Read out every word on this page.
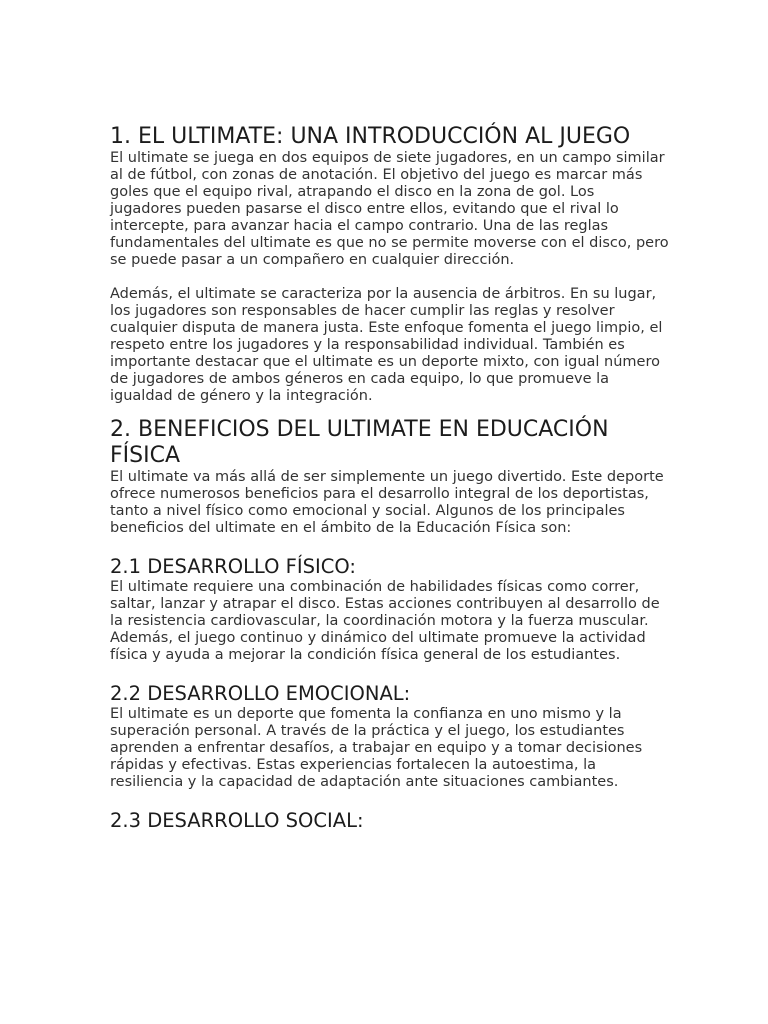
1. EL ULTIMATE: UNA INTRODUCCIÓN AL JUEGO

El ultimate se juega en dos equipos de siete jugadores, en un campo similar al de fútbol, con zonas de anotación. El objetivo del juego es marcar más goles que el equipo rival, atrapando el disco en la zona de gol. Los jugadores pueden pasarse el disco entre ellos, evitando que el rival lo intercepte, para avanzar hacia el campo contrario. Una de las reglas fundamentales del ultimate es que no se permite moverse con el disco, pero se puede pasar a un compañero en cualquier dirección.

Además, el ultimate se caracteriza por la ausencia de árbitros. En su lugar, los jugadores son responsables de hacer cumplir las reglas y resolver cualquier disputa de manera justa. Este enfoque fomenta el juego limpio, el respeto entre los jugadores y la responsabilidad individual. También es importante destacar que el ultimate es un deporte mixto, con igual número de jugadores de ambos géneros en cada equipo, lo que promueve la igualdad de género y la integración.

2. BENEFICIOS DEL ULTIMATE EN EDUCACIÓN FÍSICA

El ultimate va más allá de ser simplemente un juego divertido. Este deporte ofrece numerosos beneficios para el desarrollo integral de los deportistas, tanto a nivel físico como emocional y social. Algunos de los principales beneficios del ultimate en el ámbito de la Educación Física son:

2.1 DESARROLLO FÍSICO:

El ultimate requiere una combinación de habilidades físicas como correr, saltar, lanzar y atrapar el disco. Estas acciones contribuyen al desarrollo de la resistencia cardiovascular, la coordinación motora y la fuerza muscular. Además, el juego continuo y dinámico del ultimate promueve la actividad física y ayuda a mejorar la condición física general de los estudiantes.

2.2 DESARROLLO EMOCIONAL:

El ultimate es un deporte que fomenta la confianza en uno mismo y la superación personal. A través de la práctica y el juego, los estudiantes aprenden a enfrentar desafíos, a trabajar en equipo y a tomar decisiones rápidas y efectivas. Estas experiencias fortalecen la autoestima, la resiliencia y la capacidad de adaptación ante situaciones cambiantes.

2.3 DESARROLLO SOCIAL:
